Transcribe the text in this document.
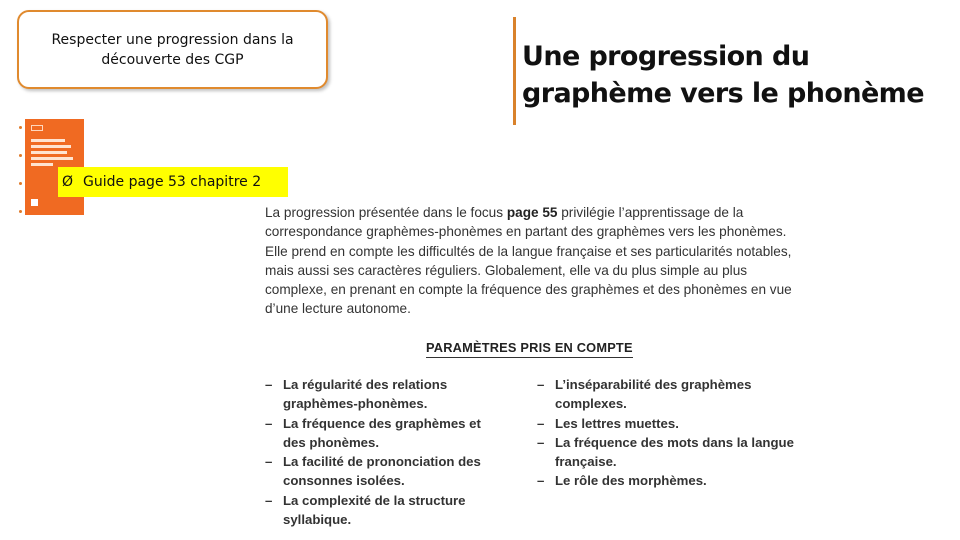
Respecter une progression dans la découverte des CGP	Une progression du graphème vers le phonème
Ø Guide page 53 chapitre 2

La progression présentée dans le focus page 55 privilégie l’apprentissage de la correspondance graphèmes-phonèmes en partant des graphèmes vers les phonèmes. Elle prend en compte les difficultés de la langue française et ses particularités notables, mais aussi ses caractères réguliers. Globalement, elle va du plus simple au plus complexe, en prenant en compte la fréquence des graphèmes et des phonèmes en vue d’une lecture autonome.

PARAMÈTRES PRIS EN COMPTE
– La régularité des relations graphèmes-phonèmes.
– La fréquence des graphèmes et des phonèmes.
– La facilité de prononciation des consonnes isolées.
– La complexité de la structure syllabique.
– L’inséparabilité des graphèmes complexes.
– Les lettres muettes.
– La fréquence des mots dans la langue française.
– Le rôle des morphèmes.
